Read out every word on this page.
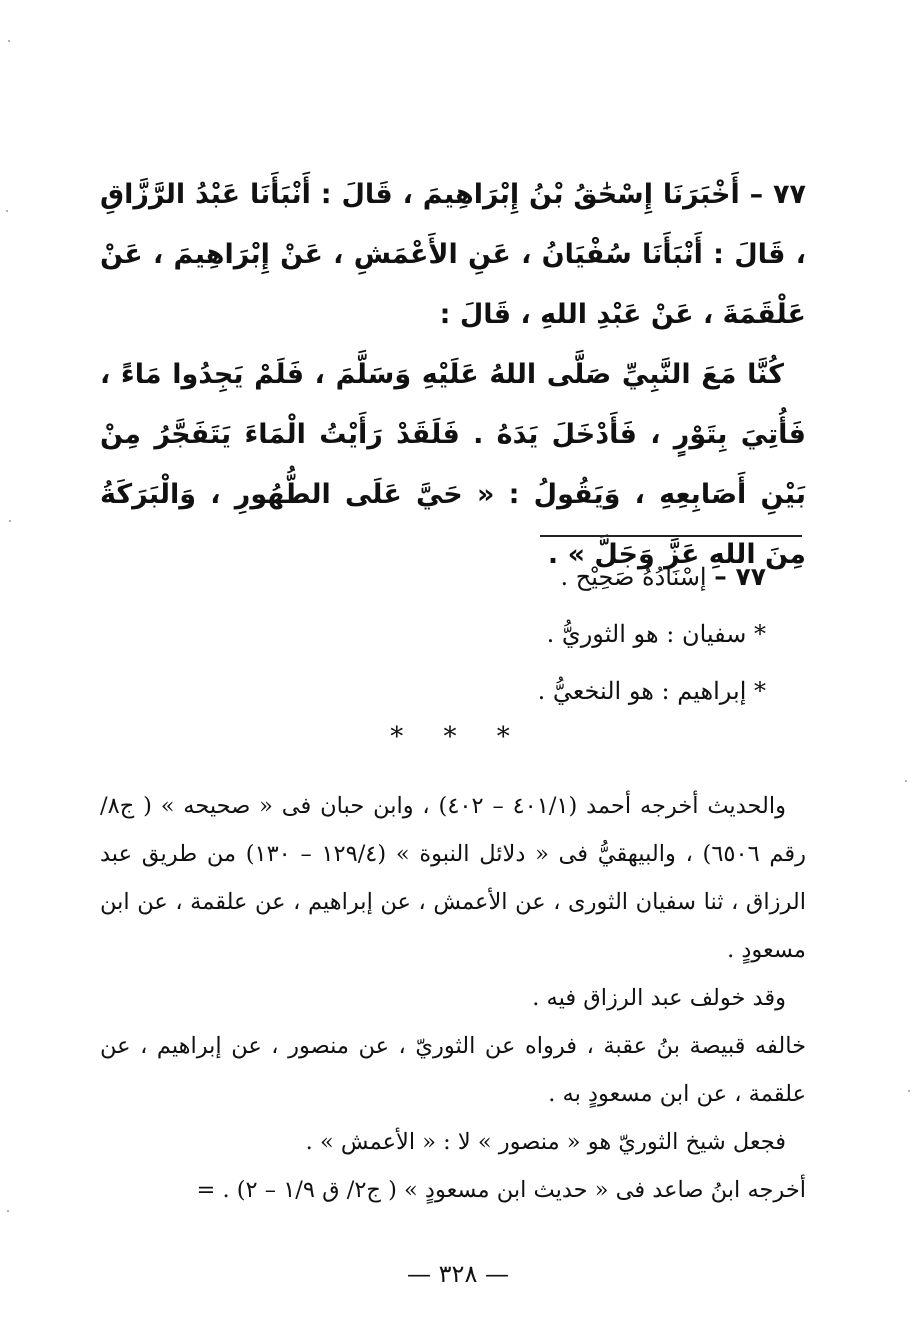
٧٧ – أَخْبَرَنَا إِسْحَٰقُ بْنُ إِبْرَاهِيمَ ، قَالَ : أَنْبَأَنَا عَبْدُ الرَّزَّاقِ ، قَالَ : أَنْبَأَنَا سُفْيَانُ ، عَنِ الأَعْمَشِ ، عَنْ إِبْرَاهِيمَ ، عَنْ عَلْقَمَةَ ، عَنْ عَبْدِ اللهِ ، قَالَ :

كُنَّا مَعَ النَّبِيِّ صَلَّى اللهُ عَلَيْهِ وَسَلَّمَ ، فَلَمْ يَجِدُوا مَاءً ، فَأُتِيَ بِتَوْرٍ ، فَأَدْخَلَ يَدَهُ . فَلَقَدْ رَأَيْتُ الْمَاءَ يَتَفَجَّرُ مِنْ بَيْنِ أَصَابِعِهِ ، وَيَقُولُ : « حَيَّ عَلَى الطُّهُورِ ، وَالْبَرَكَةُ مِنَ اللهِ عَزَّ وَجَلَّ » .

٧٧ – إسْنَادُهُ صَحِيْح .

* سفيان : هو الثوريُّ .

* إبراهيم : هو النخعيُّ .

* * *

والحديث أخرجه أحمد (٤٠١/١ – ٤٠٢) ، وابن حبان فى « صحيحه » ( ج٨/ رقم ٦٥٠٦) ، والبيهقيُّ فى « دلائل النبوة » (١٢٩/٤ – ١٣٠) من طريق عبد الرزاق ، ثنا سفيان الثورى ، عن الأعمش ، عن إبراهيم ، عن علقمة ، عن ابن مسعودٍ .

وقد خولف عبد الرزاق فيه .

خالفه قبيصة بنُ عقبة ، فرواه عن الثوريّ ، عن منصور ، عن إبراهيم ، عن علقمة ، عن ابن مسعودٍ به .

فجعل شيخ الثوريّ هو « منصور » لا : « الأعمش » .

أخرجه ابنُ صاعد فى « حديث ابن مسعودٍ » ( ج٢/ ق ١/٩ – ٢) . =

— ٣٢٨ —
